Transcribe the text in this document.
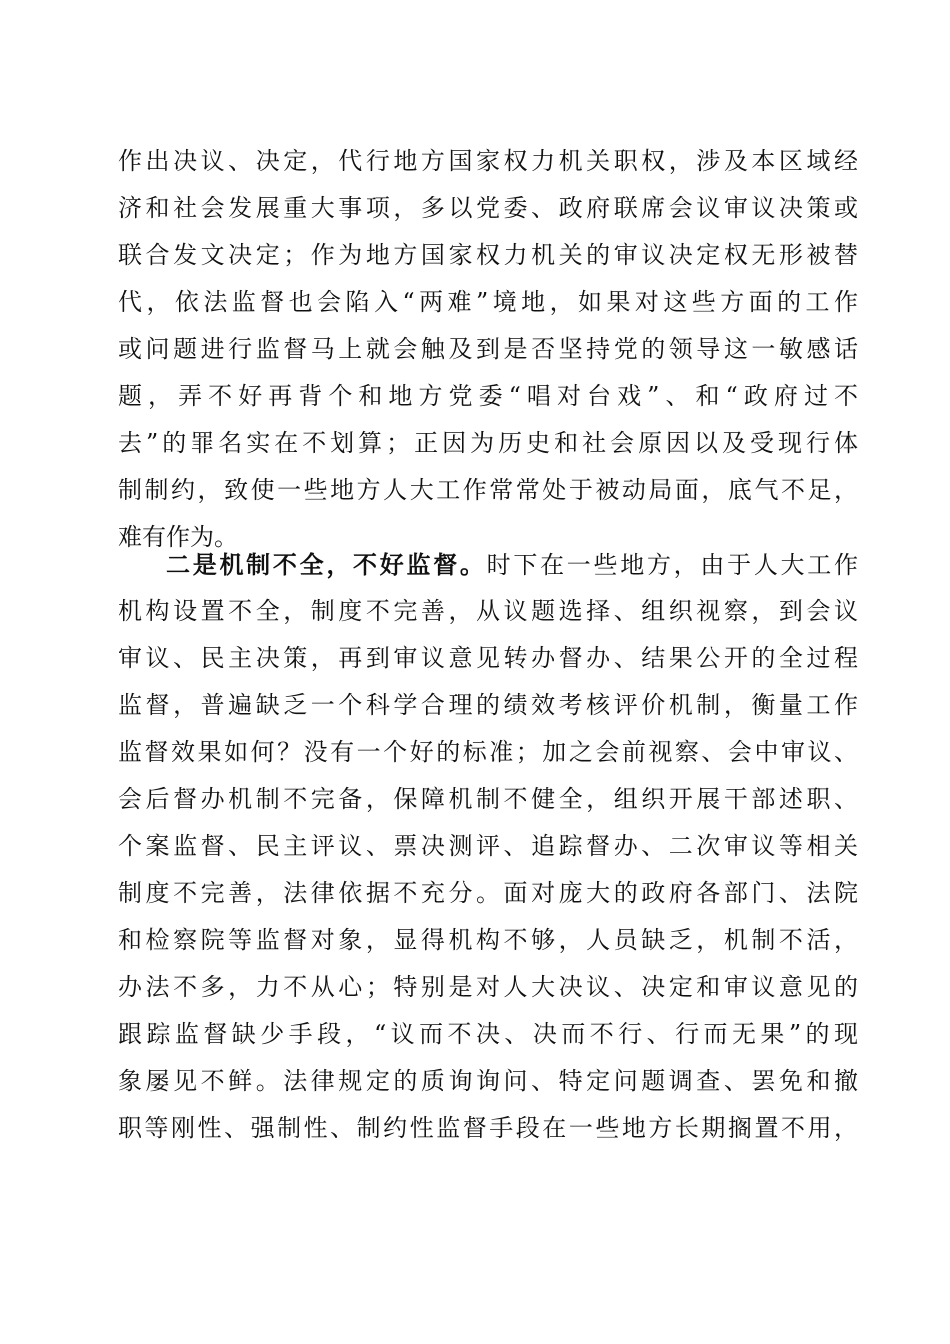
作出决议、决定，代行地方国家权力机关职权，涉及本区域经
济和社会发展重大事项，多以党委、政府联席会议审议决策或
联合发文决定；作为地方国家权力机关的审议决定权无形被替
代，依法监督也会陷入“两难”境地，如果对这些方面的工作
或问题进行监督马上就会触及到是否坚持党的领导这一敏感话
题，弄不好再背个和地方党委“唱对台戏”、和“政府过不
去”的罪名实在不划算；正因为历史和社会原因以及受现行体
制制约，致使一些地方人大工作常常处于被动局面，底气不足，
难有作为。
二是机制不全，不好监督。时下在一些地方，由于人大工作
机构设置不全，制度不完善，从议题选择、组织视察，到会议
审议、民主决策，再到审议意见转办督办、结果公开的全过程
监督，普遍缺乏一个科学合理的绩效考核评价机制，衡量工作
监督效果如何？没有一个好的标准；加之会前视察、会中审议、
会后督办机制不完备，保障机制不健全，组织开展干部述职、
个案监督、民主评议、票决测评、追踪督办、二次审议等相关
制度不完善，法律依据不充分。面对庞大的政府各部门、法院
和检察院等监督对象，显得机构不够，人员缺乏，机制不活，
办法不多，力不从心；特别是对人大决议、决定和审议意见的
跟踪监督缺少手段，“议而不决、决而不行、行而无果”的现
象屡见不鲜。法律规定的质询询问、特定问题调查、罢免和撤
职等刚性、强制性、制约性监督手段在一些地方长期搁置不用，
